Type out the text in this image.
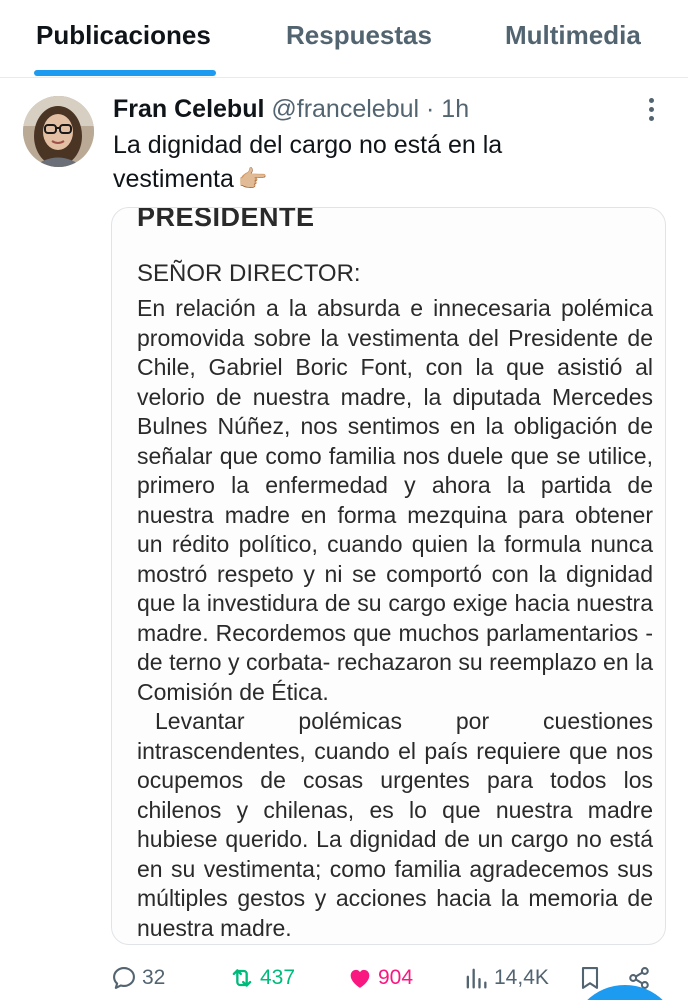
Publicaciones	Respuestas	Multimedia
Fran Celebul @francelebul · 1h
La dignidad del cargo no está en la vestimenta 👉🏼
PRESIDENTE
SEÑOR DIRECTOR:

En relación a la absurda e innecesaria polémica promovida sobre la vestimenta del Presidente de Chile, Gabriel Boric Font, con la que asistió al velorio de nuestra madre, la diputada Mercedes Bulnes Núñez, nos sentimos en la obligación de señalar que como familia nos duele que se utilice, primero la enfermedad y ahora la partida de nuestra madre en forma mezquina para obtener un rédito político, cuando quien la formula nunca mostró respeto y ni se comportó con la dignidad que la investidura de su cargo exige hacia nuestra madre. Recordemos que muchos parlamentarios -de terno y corbata- rechazaron su reemplazo en la Comisión de Ética.

Levantar polémicas por cuestiones intrascendentes, cuando el país requiere que nos ocupemos de cosas urgentes para todos los chilenos y chilenas, es lo que nuestra madre hubiese querido. La dignidad de un cargo no está en su vestimenta; como familia agradecemos sus múltiples gestos y acciones hacia la memoria de nuestra madre.

32	437	904	14,4K
